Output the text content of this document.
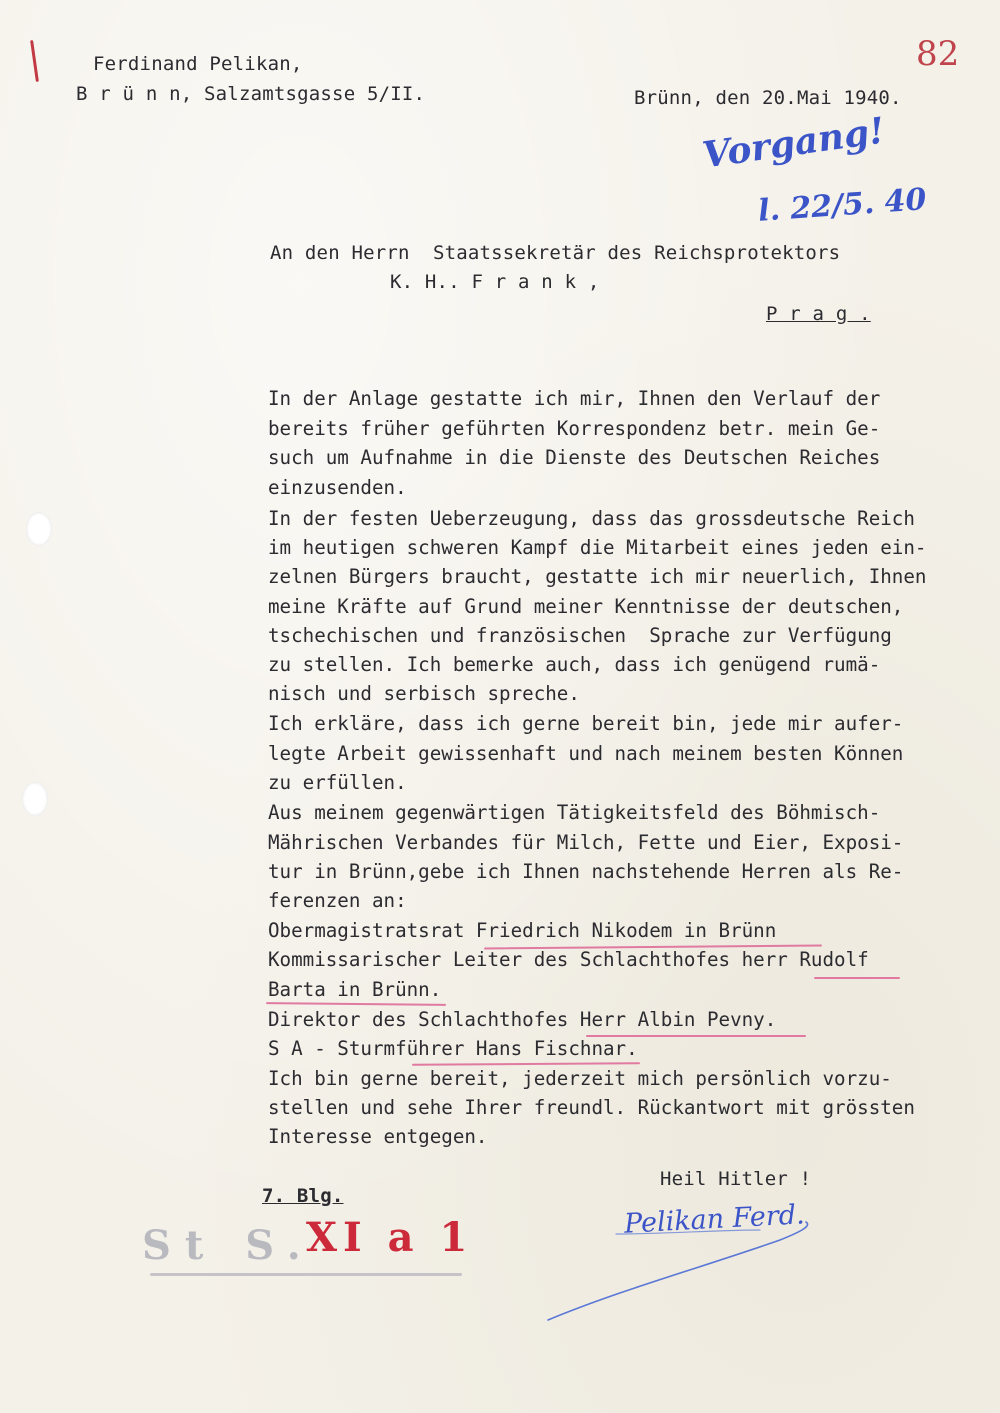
Ferdinand Pelikan,
B r ü n n, Salzamtsgasse 5/II.	Brünn, den 20.Mai 1940.
82
Vorgang!
l. 22/5. 40
An den Herrn  Staatssekretär des Reichsprotektors
K. H.. F r a n k ,
P r a g .
In der Anlage gestatte ich mir, Ihnen den Verlauf der
bereits früher geführten Korrespondenz betr. mein Ge-
such um Aufnahme in die Dienste des Deutschen Reiches
einzusenden.
In der festen Ueberzeugung, dass das grossdeutsche Reich
im heutigen schweren Kampf die Mitarbeit eines jeden ein-
zelnen Bürgers braucht, gestatte ich mir neuerlich, Ihnen
meine Kräfte auf Grund meiner Kenntnisse der deutschen,
tschechischen und französischen  Sprache zur Verfügung
zu stellen. Ich bemerke auch, dass ich genügend rumä-
nisch und serbisch spreche.
Ich erkläre, dass ich gerne bereit bin, jede mir aufer-
legte Arbeit gewissenhaft und nach meinem besten Können
zu erfüllen.
Aus meinem gegenwärtigen Tätigkeitsfeld des Böhmisch-
Mährischen Verbandes für Milch, Fette und Eier, Exposi-
tur in Brünn,gebe ich Ihnen nachstehende Herren als Re-
ferenzen an:
Obermagistratsrat Friedrich Nikodem in Brünn
Kommissarischer Leiter des Schlachthofes herr Rudolf
Barta in Brünn.
Direktor des Schlachthofes Herr Albin Pevny.
S A - Sturmführer Hans Fischnar.
Ich bin gerne bereit, jederzeit mich persönlich vorzu-
stellen und sehe Ihrer freundl. Rückantwort mit grössten
Interesse entgegen.
Heil Hitler !
7. Blg.
St S.
XI a 1	Pelikan Ferd.
